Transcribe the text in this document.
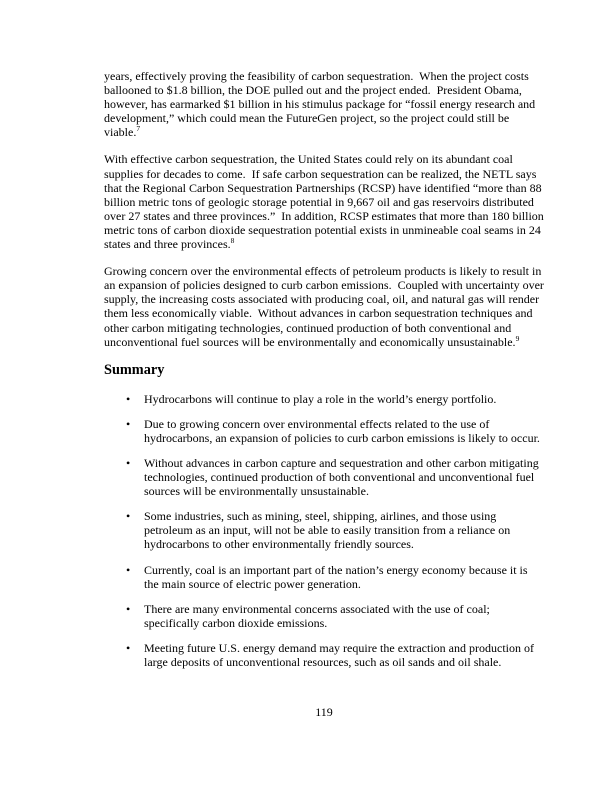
years, effectively proving the feasibility of carbon sequestration.  When the project costs ballooned to $1.8 billion, the DOE pulled out and the project ended.  President Obama, however, has earmarked $1 billion in his stimulus package for “fossil energy research and development,” which could mean the FutureGen project, so the project could still be viable.$^7$

With effective carbon sequestration, the United States could rely on its abundant coal supplies for decades to come.  If safe carbon sequestration can be realized, the NETL says that the Regional Carbon Sequestration Partnerships (RCSP) have identified “more than 88 billion metric tons of geologic storage potential in 9,667 oil and gas reservoirs distributed over 27 states and three provinces.”  In addition, RCSP estimates that more than 180 billion metric tons of carbon dioxide sequestration potential exists in unmineable coal seams in 24 states and three provinces.$^8$

Growing concern over the environmental effects of petroleum products is likely to result in an expansion of policies designed to curb carbon emissions.  Coupled with uncertainty over supply, the increasing costs associated with producing coal, oil, and natural gas will render them less economically viable.  Without advances in carbon sequestration techniques and other carbon mitigating technologies, continued production of both conventional and unconventional fuel sources will be environmentally and economically unsustainable.$^9$

Summary
• Hydrocarbons will continue to play a role in the world’s energy portfolio.
• Due to growing concern over environmental effects related to the use of hydrocarbons, an expansion of policies to curb carbon emissions is likely to occur.
• Without advances in carbon capture and sequestration and other carbon mitigating technologies, continued production of both conventional and unconventional fuel sources will be environmentally unsustainable.
• Some industries, such as mining, steel, shipping, airlines, and those using petroleum as an input, will not be able to easily transition from a reliance on hydrocarbons to other environmentally friendly sources.
• Currently, coal is an important part of the nation’s energy economy because it is the main source of electric power generation.
• There are many environmental concerns associated with the use of coal; specifically carbon dioxide emissions.
• Meeting future U.S. energy demand may require the extraction and production of large deposits of unconventional resources, such as oil sands and oil shale.
119
